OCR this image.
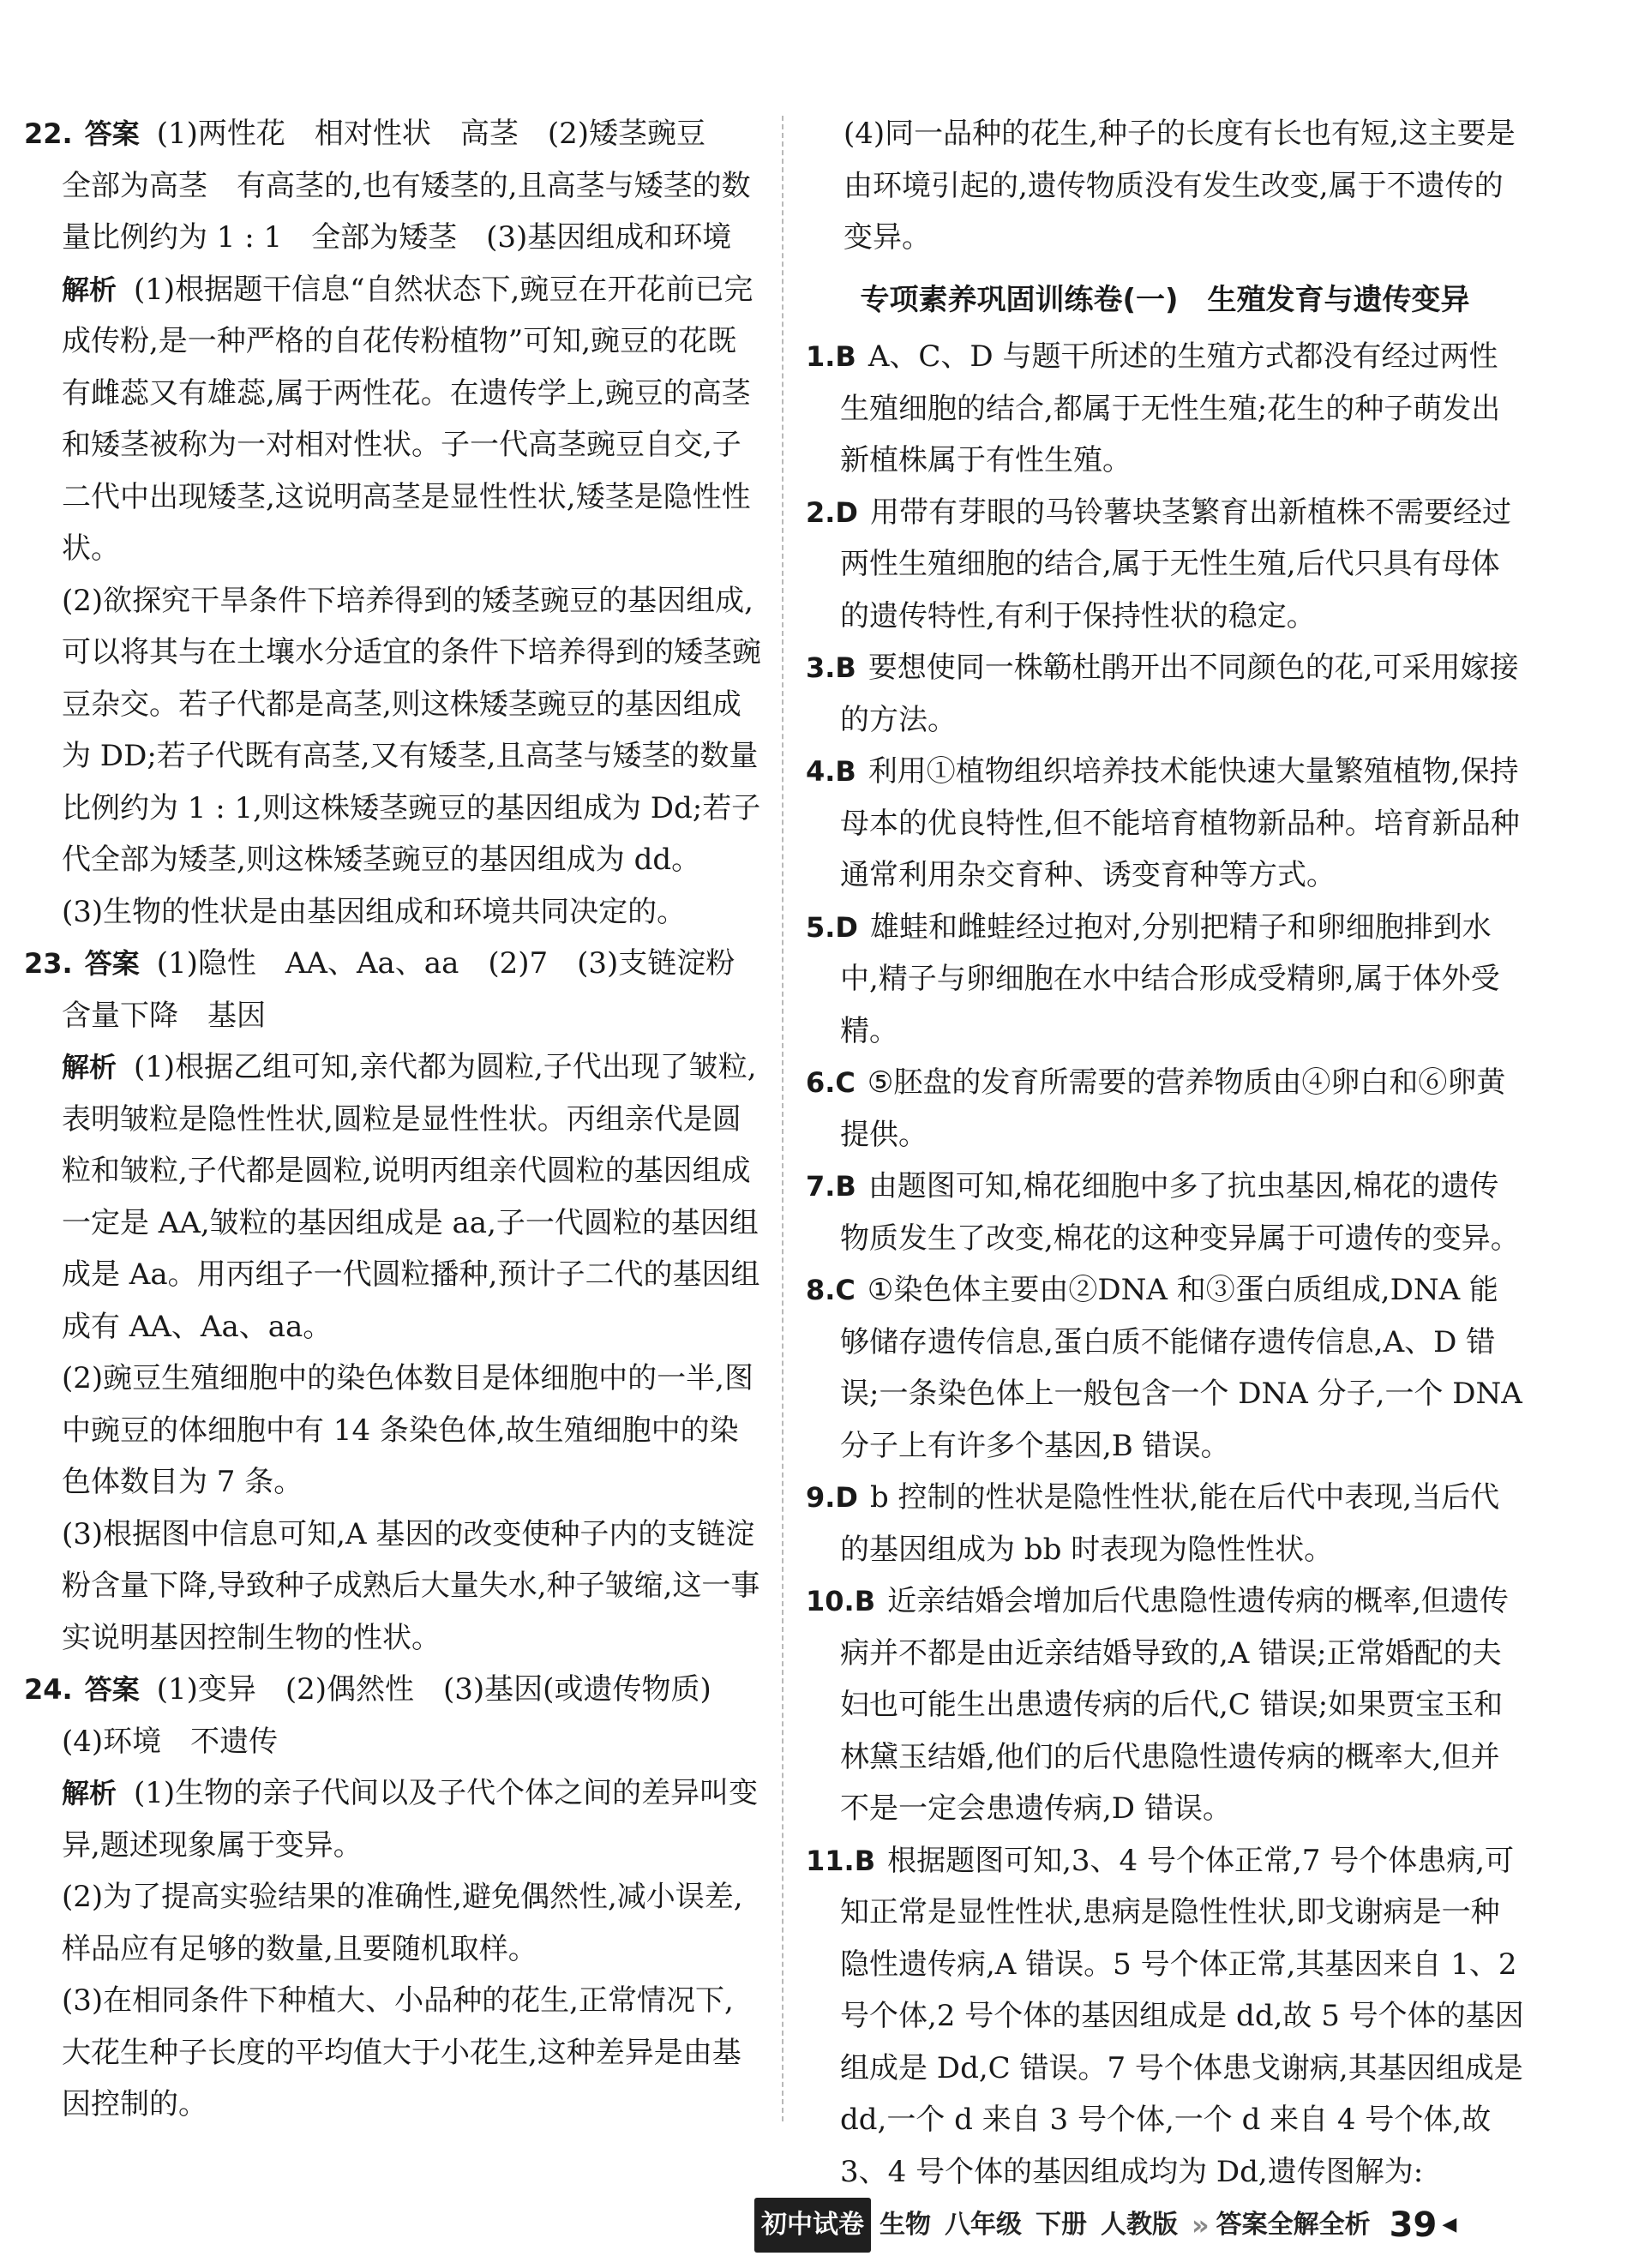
22. 答案 (1)两性花　相对性状　高茎　(2)矮茎豌豆　全部为高茎　有高茎的,也有矮茎的,且高茎与矮茎的数量比例约为 1 : 1　全部为矮茎　(3)基因组成和环境

解析 (1)根据题干信息“自然状态下,豌豆在开花前已完成传粉,是一种严格的自花传粉植物”可知,豌豆的花既有雌蕊又有雄蕊,属于两性花。在遗传学上,豌豆的高茎和矮茎被称为一对相对性状。子一代高茎豌豆自交,子二代中出现矮茎,这说明高茎是显性性状,矮茎是隐性性状。

(2)欲探究干旱条件下培养得到的矮茎豌豆的基因组成,可以将其与在土壤水分适宜的条件下培养得到的矮茎豌豆杂交。若子代都是高茎,则这株矮茎豌豆的基因组成为 DD;若子代既有高茎,又有矮茎,且高茎与矮茎的数量比例约为 1 : 1,则这株矮茎豌豆的基因组成为 Dd;若子代全部为矮茎,则这株矮茎豌豆的基因组成为 dd。

(3)生物的性状是由基因组成和环境共同决定的。

23. 答案 (1)隐性　AA、Aa、aa　(2)7　(3)支链淀粉含量下降　基因

解析 (1)根据乙组可知,亲代都为圆粒,子代出现了皱粒,表明皱粒是隐性性状,圆粒是显性性状。丙组亲代是圆粒和皱粒,子代都是圆粒,说明丙组亲代圆粒的基因组成一定是 AA,皱粒的基因组成是 aa,子一代圆粒的基因组成是 Aa。用丙组子一代圆粒播种,预计子二代的基因组成有 AA、Aa、aa。

(2)豌豆生殖细胞中的染色体数目是体细胞中的一半,图中豌豆的体细胞中有 14 条染色体,故生殖细胞中的染色体数目为 7 条。

(3)根据图中信息可知,A 基因的改变使种子内的支链淀粉含量下降,导致种子成熟后大量失水,种子皱缩,这一事实说明基因控制生物的性状。

24. 答案 (1)变异　(2)偶然性　(3)基因(或遗传物质)

(4)环境　不遗传

解析 (1)生物的亲子代间以及子代个体之间的差异叫变异,题述现象属于变异。

(2)为了提高实验结果的准确性,避免偶然性,减小误差,样品应有足够的数量,且要随机取样。

(3)在相同条件下种植大、小品种的花生,正常情况下,大花生种子长度的平均值大于小花生,这种差异是由基因控制的。

(4)同一品种的花生,种子的长度有长也有短,这主要是由环境引起的,遗传物质没有发生改变,属于不遗传的变异。

专项素养巩固训练卷(一)　生殖发育与遗传变异

1.B A、C、D 与题干所述的生殖方式都没有经过两性生殖细胞的结合,都属于无性生殖;花生的种子萌发出新植株属于有性生殖。

2.D 用带有芽眼的马铃薯块茎繁育出新植株不需要经过两性生殖细胞的结合,属于无性生殖,后代只具有母体的遗传特性,有利于保持性状的稳定。

3.B 要想使同一株簕杜鹃开出不同颜色的花,可采用嫁接的方法。

4.B 利用①植物组织培养技术能快速大量繁殖植物,保持母本的优良特性,但不能培育植物新品种。培育新品种通常利用杂交育种、诱变育种等方式。

5.D 雄蛙和雌蛙经过抱对,分别把精子和卵细胞排到水中,精子与卵细胞在水中结合形成受精卵,属于体外受精。

6.C ⑤胚盘的发育所需要的营养物质由④卵白和⑥卵黄提供。

7.B 由题图可知,棉花细胞中多了抗虫基因,棉花的遗传物质发生了改变,棉花的这种变异属于可遗传的变异。

8.C ①染色体主要由②DNA 和③蛋白质组成,DNA 能够储存遗传信息,蛋白质不能储存遗传信息,A、D 错误;一条染色体上一般包含一个 DNA 分子,一个 DNA 分子上有许多个基因,B 错误。

9.D b 控制的性状是隐性性状,能在后代中表现,当后代的基因组成为 bb 时表现为隐性性状。

10.B 近亲结婚会增加后代患隐性遗传病的概率,但遗传病并不都是由近亲结婚导致的,A 错误;正常婚配的夫妇也可能生出患遗传病的后代,C 错误;如果贾宝玉和林黛玉结婚,他们的后代患隐性遗传病的概率大,但并不是一定会患遗传病,D 错误。

11.B 根据题图可知,3、4 号个体正常,7 号个体患病,可知正常是显性性状,患病是隐性性状,即戈谢病是一种隐性遗传病,A 错误。5 号个体正常,其基因来自 1、2 号个体,2 号个体的基因组成是 dd,故 5 号个体的基因组成是 Dd,C 错误。7 号个体患戈谢病,其基因组成是 dd,一个 d 来自 3 号个体,一个 d 来自 4 号个体,故 3、4 号个体的基因组成均为 Dd,遗传图解为:

初中试卷 生物 八年级 下册 人教版 » 答案全解全析 39 ◀
